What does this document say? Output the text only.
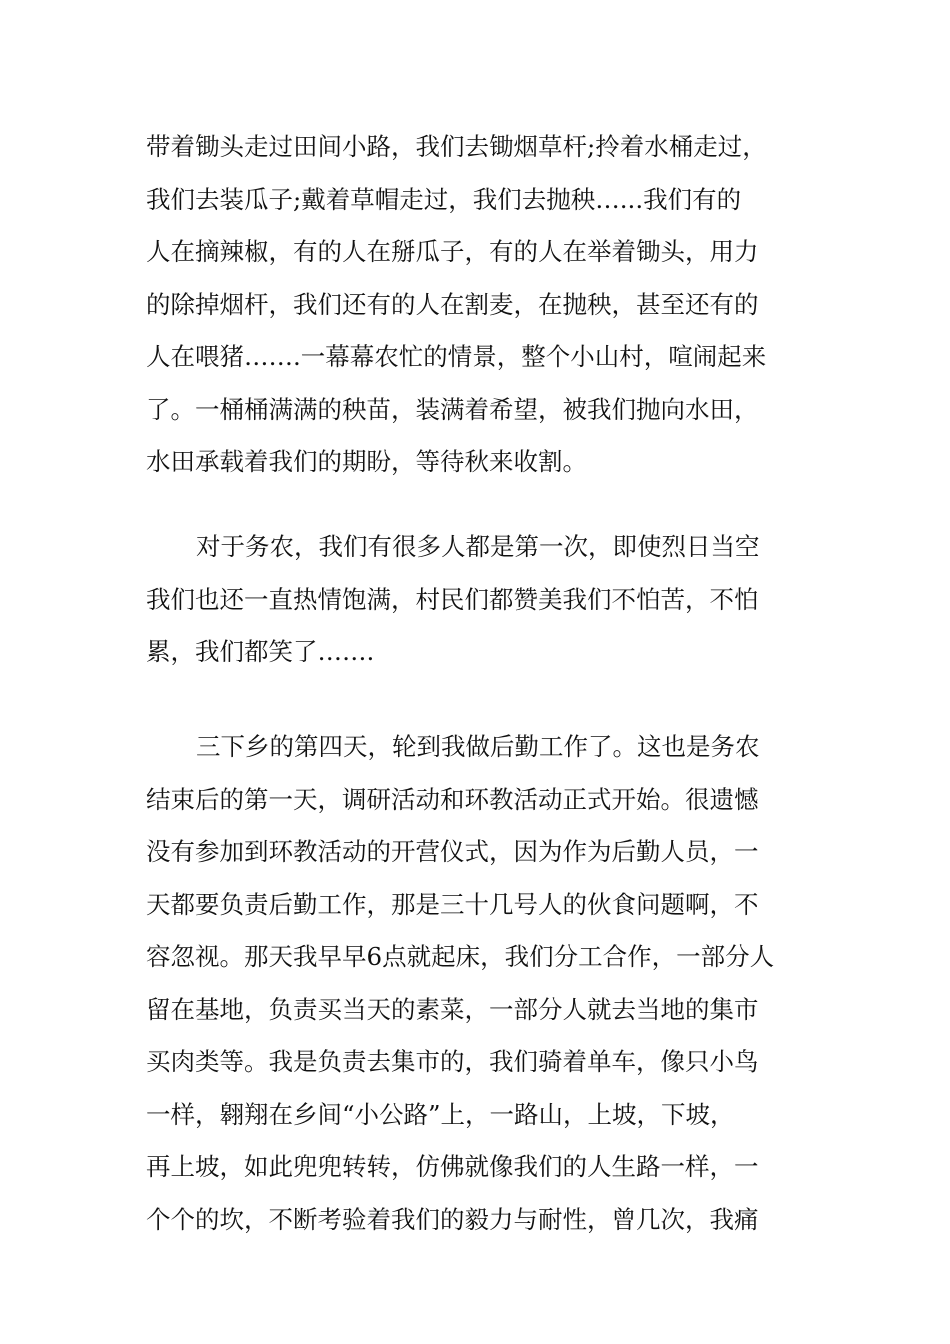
带着锄头走过田间小路，我们去锄烟草杆;拎着水桶走过，
我们去装瓜子;戴着草帽走过，我们去抛秧…...我们有的
人在摘辣椒，有的人在掰瓜子，有的人在举着锄头，用力
的除掉烟杆，我们还有的人在割麦，在抛秧，甚至还有的
人在喂猪…….一幕幕农忙的情景，整个小山村，喧闹起来
了。一桶桶满满的秧苗，装满着希望，被我们抛向水田，
水田承载着我们的期盼，等待秋来收割。
对于务农，我们有很多人都是第一次，即使烈日当空
我们也还一直热情饱满，村民们都赞美我们不怕苦，不怕
累，我们都笑了…….
三下乡的第四天，轮到我做后勤工作了。这也是务农
结束后的第一天，调研活动和环教活动正式开始。很遗憾
没有参加到环教活动的开营仪式，因为作为后勤人员，一
天都要负责后勤工作，那是三十几号人的伙食问题啊，不
容忽视。那天我早早6点就起床，我们分工合作，一部分人
留在基地，负责买当天的素菜，一部分人就去当地的集市
买肉类等。我是负责去集市的，我们骑着单车，像只小鸟
一样，翱翔在乡间“小公路”上，一路山，上坡，下坡，
再上坡，如此兜兜转转，仿佛就像我们的人生路一样，一
个个的坎，不断考验着我们的毅力与耐性，曾几次，我痛
